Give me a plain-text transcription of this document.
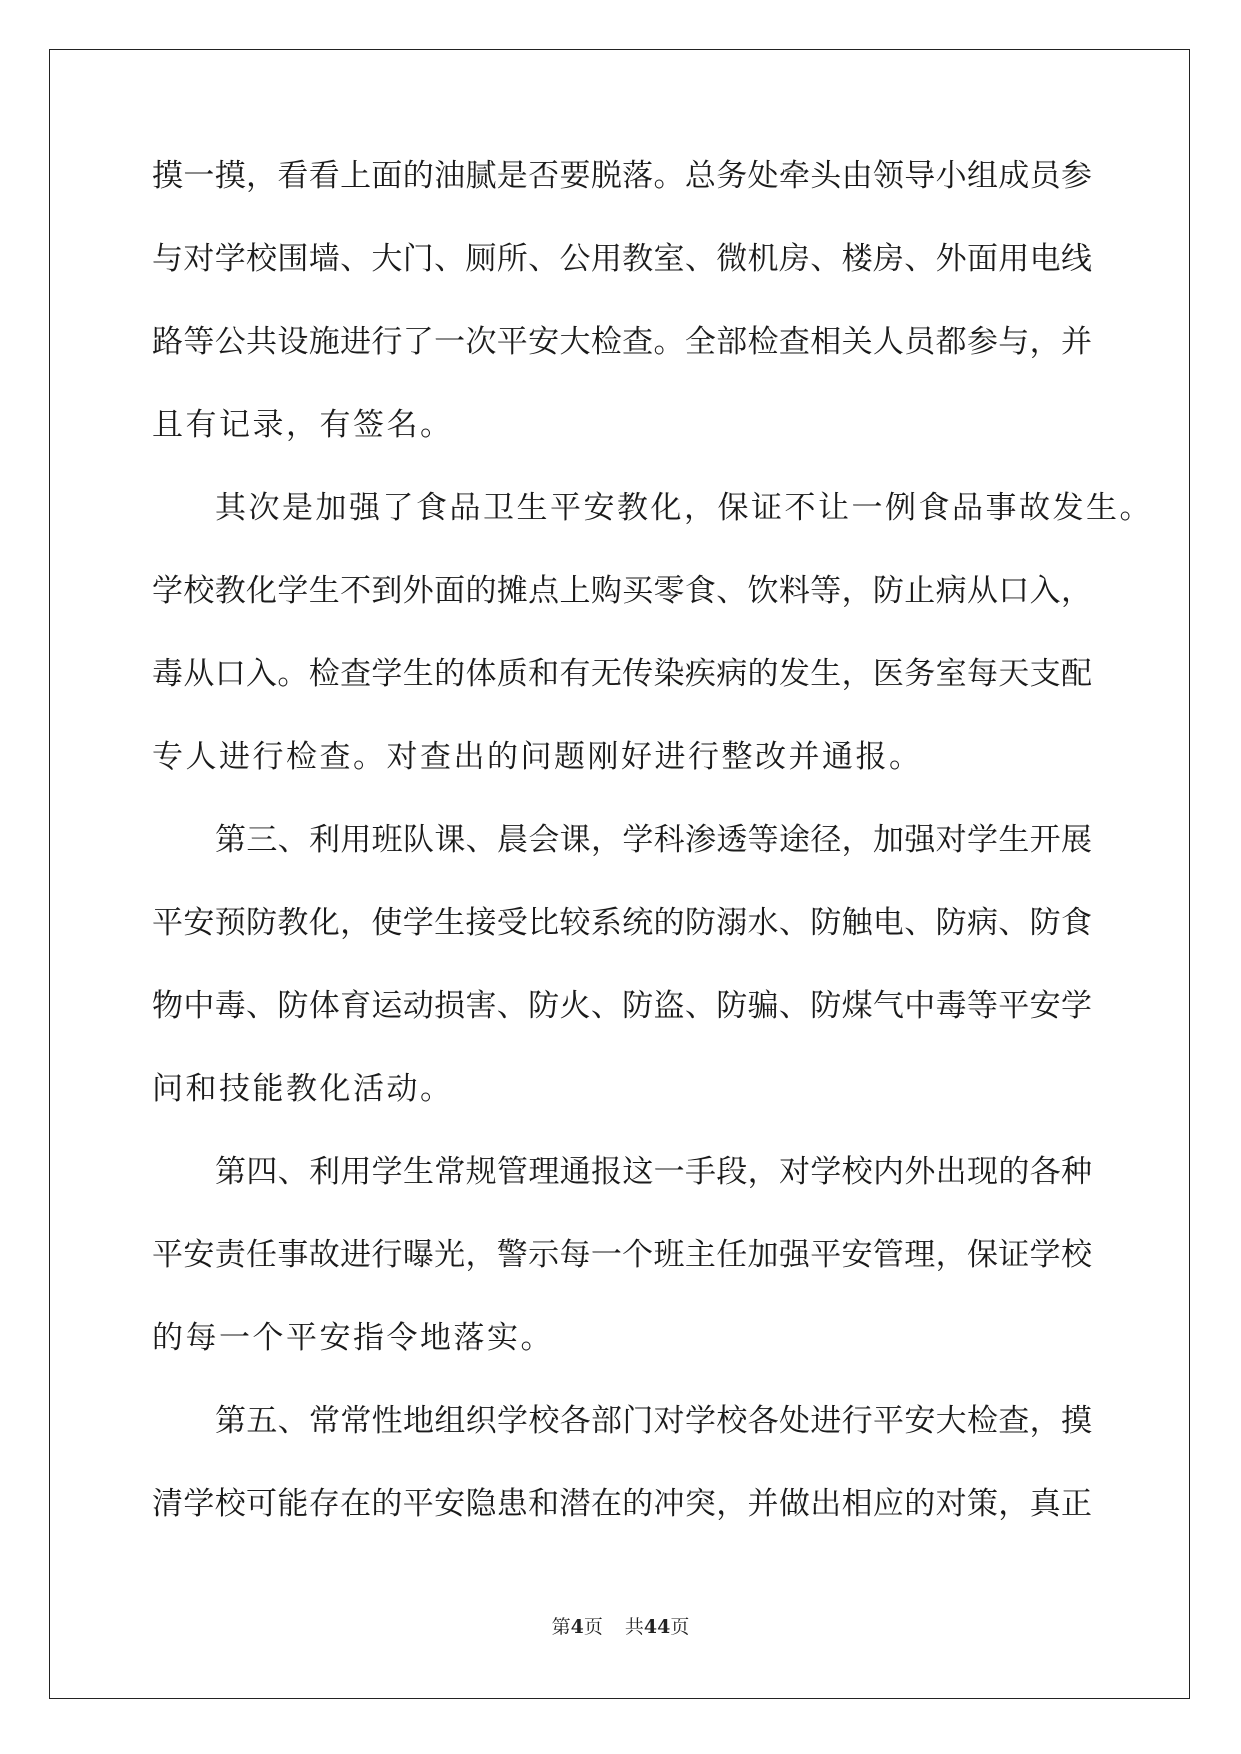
摸一摸，看看上面的油腻是否要脱落。总务处牵头由领导小组成员参
与对学校围墙、大门、厕所、公用教室、微机房、楼房、外面用电线
路等公共设施进行了一次平安大检查。全部检查相关人员都参与，并
且有记录，有签名。
其次是加强了食品卫生平安教化，保证不让一例食品事故发生。
学校教化学生不到外面的摊点上购买零食、饮料等，防止病从口入，
毒从口入。检查学生的体质和有无传染疾病的发生，医务室每天支配
专人进行检查。对查出的问题刚好进行整改并通报。
第三、利用班队课、晨会课，学科渗透等途径，加强对学生开展
平安预防教化，使学生接受比较系统的防溺水、防触电、防病、防食
物中毒、防体育运动损害、防火、防盗、防骗、防煤气中毒等平安学
问和技能教化活动。
第四、利用学生常规管理通报这一手段，对学校内外出现的各种
平安责任事故进行曝光，警示每一个班主任加强平安管理，保证学校
的每一个平安指令地落实。
第五、常常性地组织学校各部门对学校各处进行平安大检查，摸
清学校可能存在的平安隐患和潜在的冲突，并做出相应的对策，真正
第4页 共44页
